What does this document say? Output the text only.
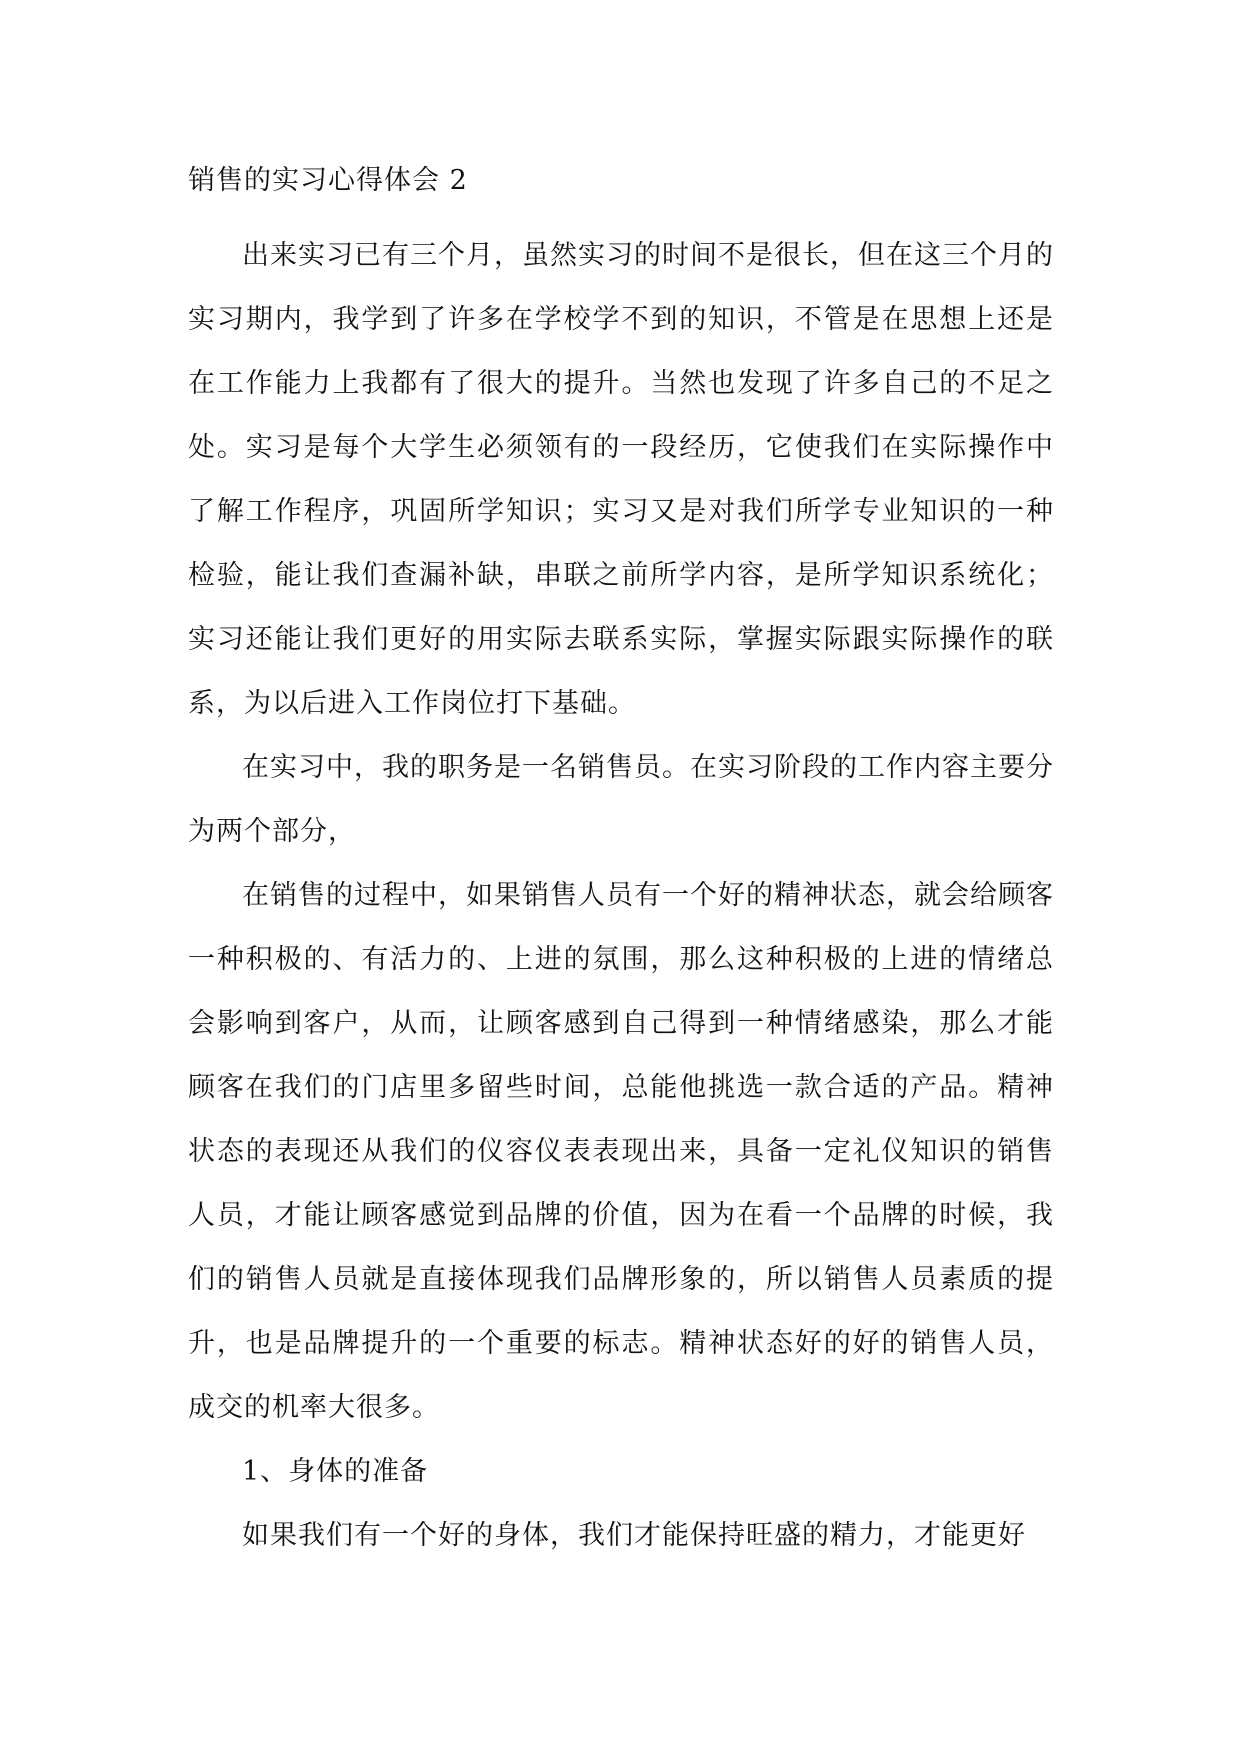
销售的实习心得体会 2

出来实习已有三个月，虽然实习的时间不是很长，但在这三个月的实习期内，我学到了许多在学校学不到的知识，不管是在思想上还是在工作能力上我都有了很大的提升。当然也发现了许多自己的不足之处。实习是每个大学生必须领有的一段经历，它使我们在实际操作中了解工作程序，巩固所学知识；实习又是对我们所学专业知识的一种检验，能让我们查漏补缺，串联之前所学内容，是所学知识系统化；实习还能让我们更好的用实际去联系实际，掌握实际跟实际操作的联系，为以后进入工作岗位打下基础。

在实习中，我的职务是一名销售员。在实习阶段的工作内容主要分为两个部分，

在销售的过程中，如果销售人员有一个好的精神状态，就会给顾客一种积极的、有活力的、上进的氛围，那么这种积极的上进的情绪总会影响到客户，从而，让顾客感到自己得到一种情绪感染，那么才能顾客在我们的门店里多留些时间，总能他挑选一款合适的产品。精神状态的表现还从我们的仪容仪表表现出来，具备一定礼仪知识的销售人员，才能让顾客感觉到品牌的价值，因为在看一个品牌的时候，我们的销售人员就是直接体现我们品牌形象的，所以销售人员素质的提升，也是品牌提升的一个重要的标志。精神状态好的好的销售人员，成交的机率大很多。

1、身体的准备

如果我们有一个好的身体，我们才能保持旺盛的精力，才能更好
